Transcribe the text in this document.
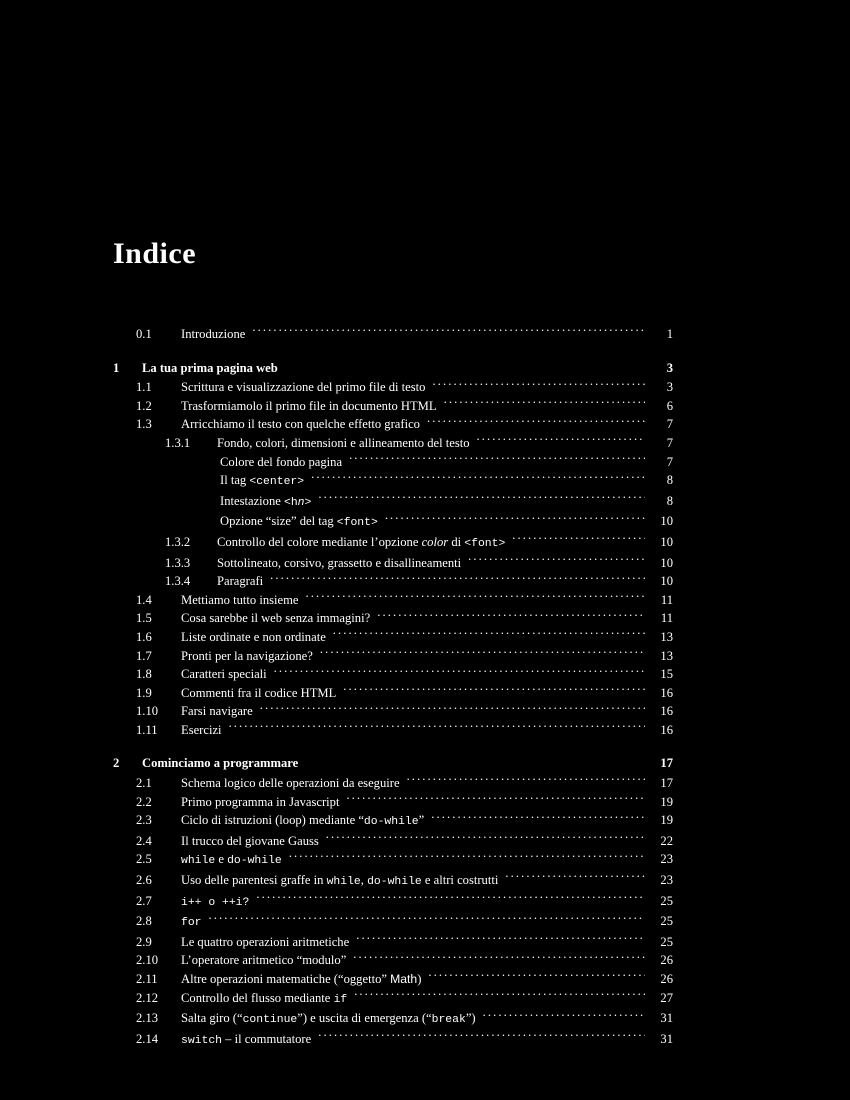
Indice
0.1	Introduzione .....	1
1	La tua prima pagina web	3
1.1	Scrittura e visualizzazione del primo file di testo .....	3
1.2	Trasformiamolo il primo file in documento HTML .....	6
1.3	Arricchiamo il testo con quelche effetto grafico .....	7
1.3.1	Fondo, colori, dimensioni e allineamento del testo .....	7
Colore del fondo pagina .....	7
Il tag <center> .....	8
Intestazione <hn> .....	8
Opzione “size” del tag <font> .....	10
1.3.2	Controllo del colore mediante l’opzione color di <font> .....	10
1.3.3	Sottolineato, corsivo, grassetto e disallineamenti .....	10
1.3.4	Paragrafi .....	10
1.4	Mettiamo tutto insieme .....	11
1.5	Cosa sarebbe il web senza immagini? .....	11
1.6	Liste ordinate e non ordinate .....	13
1.7	Pronti per la navigazione? .....	13
1.8	Caratteri speciali .....	15
1.9	Commenti fra il codice HTML .....	16
1.10	Farsi navigare .....	16
1.11	Esercizi .....	16
2	Cominciamo a programmare	17
2.1	Schema logico delle operazioni da eseguire .....	17
2.2	Primo programma in Javascript .....	19
2.3	Ciclo di istruzioni (loop) mediante “do-while” .....	19
2.4	Il trucco del giovane Gauss .....	22
2.5	while e do-while .....	23
2.6	Uso delle parentesi graffe in while, do-while e altri costrutti .....	23
2.7	i++ o ++i? .....	25
2.8	for .....	25
2.9	Le quattro operazioni aritmetiche .....	25
2.10	L’operatore aritmetico “modulo” .....	26
2.11	Altre operazioni matematiche (“oggetto” Math) .....	26
2.12	Controllo del flusso mediante if .....	27
2.13	Salta giro (“continue”) e uscita di emergenza (“break”) .....	31
2.14	switch – il commutatore .....	31
